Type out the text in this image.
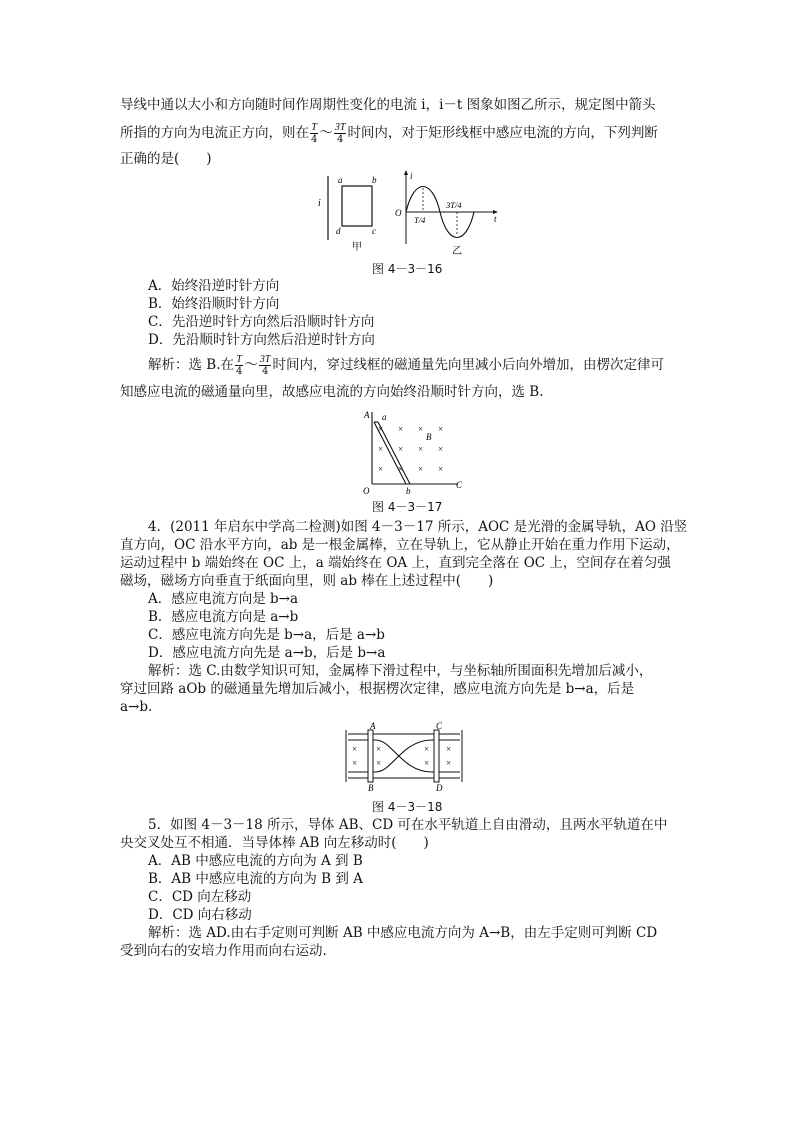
导线中通以大小和方向随时间作周期性变化的电流 i，i－t 图象如图乙所示，规定图中箭头
所指的方向为电流正方向，则在 $\frac{T}{4}$ ～ $\frac{3T}{4}$ 时间内，对于矩形线框中感应电流的方向，下列判断
正确的是(　　)
i
a	b
d	c
甲
i
O
T/4
3T/4
t
乙
图 4－3－16
A．始终沿逆时针方向
B．始终沿顺时针方向
C．先沿逆时针方向然后沿顺时针方向
D．先沿顺时针方向然后沿逆时针方向
解析：选 B.在 $\frac{T}{4}$ ～ $\frac{3T}{4}$ 时间内，穿过线框的磁通量先向里减小后向外增加，由楞次定律可
知感应电流的磁通量向里，故感应电流的方向始终沿顺时针方向，选 B.
A a
B
O	b
C
× × × ×
× × × ×
× × × ×
图 4－3－17
4．(2011 年启东中学高二检测)如图 4－3－17 所示，AOC 是光滑的金属导轨，AO 沿竖
直方向，OC 沿水平方向，ab 是一根金属棒，立在导轨上，它从静止开始在重力作用下运动，
运动过程中 b 端始终在 OC 上，a 端始终在 OA 上，直到完全落在 OC 上，空间存在着匀强
磁场，磁场方向垂直于纸面向里，则 ab 棒在上述过程中(　　)
A．感应电流方向是 b→a
B．感应电流方向是 a→b
C．感应电流方向先是 b→a，后是 a→b
D．感应电流方向先是 a→b，后是 b→a
解析：选 C.由数学知识可知，金属棒下滑过程中，与坐标轴所围面积先增加后减小，
穿过回路 aOb 的磁通量先增加后减小，根据楞次定律，感应电流方向先是 b→a，后是
a→b.
A
B
C
D
×
×
×
×
×
×
×
×
图 4－3－18
5．如图 4－3－18 所示，导体 AB、CD 可在水平轨道上自由滑动，且两水平轨道在中
央交叉处互不相通．当导体棒 AB 向左移动时(　　)
A．AB 中感应电流的方向为 A 到 B
B．AB 中感应电流的方向为 B 到 A
C．CD 向左移动
D．CD 向右移动
解析：选 AD.由右手定则可判断 AB 中感应电流方向为 A→B，由左手定则可判断 CD
受到向右的安培力作用而向右运动.
